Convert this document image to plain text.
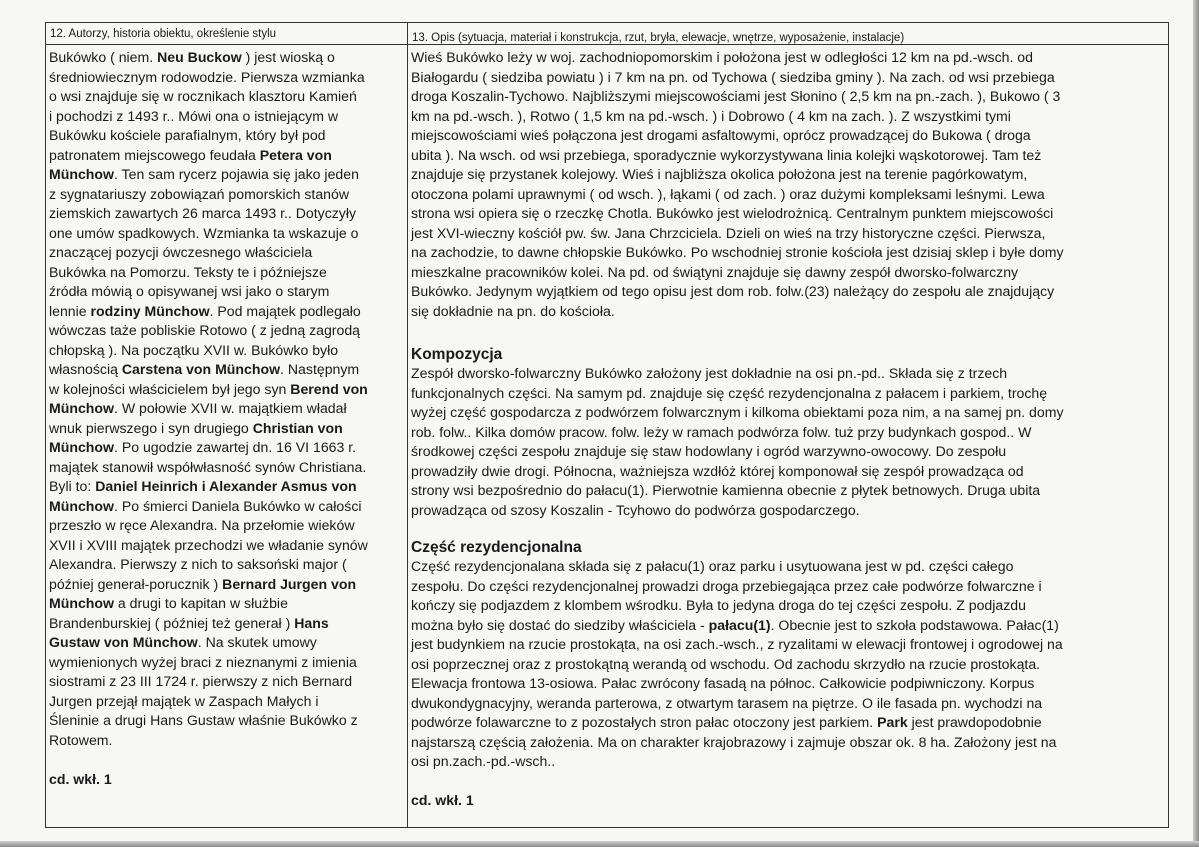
12. Autorzy, historia obiektu, określenie stylu	13. Opis (sytuacja, materiał i konstrukcja, rzut, bryła, elewacje, wnętrze, wyposażenie, instalacje)
Bukówko ( niem. Neu Buckow ) jest wioską o
średniowiecznym rodowodzie. Pierwsza wzmianka
o wsi znajduje się w rocznikach klasztoru Kamień
i pochodzi z 1493 r.. Mówi ona o istniejącym w
Bukówku kościele parafialnym, który był pod
patronatem miejscowego feudała Petera von
Münchow. Ten sam rycerz pojawia się jako jeden
z sygnatariuszy zobowiązań pomorskich stanów
ziemskich zawartych 26 marca 1493 r.. Dotyczyły
one umów spadkowych. Wzmianka ta wskazuje o
znaczącej pozycji ówczesnego właściciela
Bukówka na Pomorzu. Teksty te i późniejsze
źródła mówią o opisywanej wsi jako o starym
lennie rodziny Münchow. Pod majątek podlegało
wówczas taże pobliskie Rotowo ( z jedną zagrodą
chłopską ). Na początku XVII w. Bukówko było
własnością Carstena von Münchow. Następnym
w kolejności właścicielem był jego syn Berend von
Münchow. W połowie XVII w. majątkiem władał
wnuk pierwszego i syn drugiego Christian von
Münchow. Po ugodzie zawartej dn. 16 VI 1663 r.
majątek stanowił współwłasność synów Christiana.
Byli to: Daniel Heinrich i Alexander Asmus von
Münchow. Po śmierci Daniela Bukówko w całości
przeszło w ręce Alexandra. Na przełomie wieków
XVII i XVIII majątek przechodzi we władanie synów
Alexandra. Pierwszy z nich to saksoński major (
później generał-porucznik ) Bernard Jurgen von
Münchow a drugi to kapitan w służbie
Brandenburskiej ( później też generał ) Hans
Gustaw von Münchow. Na skutek umowy
wymienionych wyżej braci z nieznanymi z imienia
siostrami z 23 III 1724 r. pierwszy z nich Bernard
Jurgen przejął majątek w Zaspach Małych i
Śleninie a drugi Hans Gustaw właśnie Bukówko z
Rotowem.
cd. wkł. 1
Wieś Bukówko leży w woj. zachodniopomorskim i położona jest w odległości 12 km na pd.-wsch. od
Białogardu ( siedziba powiatu ) i 7 km na pn. od Tychowa ( siedziba gminy ). Na zach. od wsi przebiega
droga Koszalin-Tychowo. Najbliższymi miejscowościami jest Słonino ( 2,5 km na pn.-zach. ), Bukowo ( 3
km na pd.-wsch. ), Rotwo ( 1,5 km na pd.-wsch. ) i Dobrowo ( 4 km na zach. ). Z wszystkimi tymi
miejscowościami wieś połączona jest drogami asfaltowymi, oprócz prowadzącej do Bukowa ( droga
ubita ). Na wsch. od wsi przebiega, sporadycznie wykorzystywana linia kolejki wąskotorowej. Tam też
znajduje się przystanek kolejowy. Wieś i najbliższa okolica położona jest na terenie pagórkowatym,
otoczona polami uprawnymi ( od wsch. ), łąkami ( od zach. ) oraz dużymi kompleksami leśnymi. Lewa
strona wsi opiera się o rzeczkę Chotla. Bukówko jest wielodrożnicą. Centralnym punktem miejscowości
jest XVI-wieczny kościół pw. św. Jana Chrzciciela. Dzieli on wieś na trzy historyczne części. Pierwsza,
na zachodzie, to dawne chłopskie Bukówko. Po wschodniej stronie kościoła jest dzisiaj sklep i byłe domy
mieszkalne pracowników kolei. Na pd. od świątyni znajduje się dawny zespół dworsko-folwarczny
Bukówko. Jedynym wyjątkiem od tego opisu jest dom rob. folw.(23) należący do zespołu ale znajdujący
się dokładnie na pn. do kościoła.
Kompozycja
Zespół dworsko-folwarczny Bukówko założony jest dokładnie na osi pn.-pd.. Składa się z trzech
funkcjonalnych części. Na samym pd. znajduje się część rezydencjonalna z pałacem i parkiem, trochę
wyżej część gospodarcza z podwórzem folwarcznym i kilkoma obiektami poza nim, a na samej pn. domy
rob. folw.. Kilka domów pracow. folw. leży w ramach podwórza folw. tuż przy budynkach gospod.. W
środkowej części zespołu znajduje się staw hodowlany i ogród warzywno-owocowy. Do zespołu
prowadziły dwie drogi. Północna, ważniejsza wzdłóż której komponował się zespół prowadząca od
strony wsi bezpośrednio do pałacu(1). Pierwotnie kamienna obecnie z płytek betnowych. Druga ubita
prowadząca od szosy Koszalin - Tcyhowo do podwórza gospodarczego.
Część rezydencjonalna
Część rezydencjonalana składa się z pałacu(1) oraz parku i usytuowana jest w pd. części całego
zespołu. Do części rezydencjonalnej prowadzi droga przebiegająca przez całe podwórze folwarczne i
kończy się podjazdem z klombem wśrodku. Była to jedyna droga do tej części zespołu. Z podjazdu
można było się dostać do siedziby właściciela - pałacu(1). Obecnie jest to szkoła podstawowa. Pałac(1)
jest budynkiem na rzucie prostokąta, na osi zach.-wsch., z ryzalitami w elewacji frontowej i ogrodowej na
osi poprzecznej oraz z prostokątną werandą od wschodu. Od zachodu skrzydło na rzucie prostokąta.
Elewacja frontowa 13-osiowa. Pałac zwrócony fasadą na północ. Całkowicie podpiwniczony. Korpus
dwukondygnacyjny, weranda parterowa, z otwartym tarasem na piętrze. O ile fasada pn. wychodzi na
podwórze folawarczne to z pozostałych stron pałac otoczony jest parkiem. Park jest prawdopodobnie
najstarszą częścią założenia. Ma on charakter krajobrazowy i zajmuje obszar ok. 8 ha. Założony jest na
osi pn.zach.-pd.-wsch..
cd. wkł. 1
